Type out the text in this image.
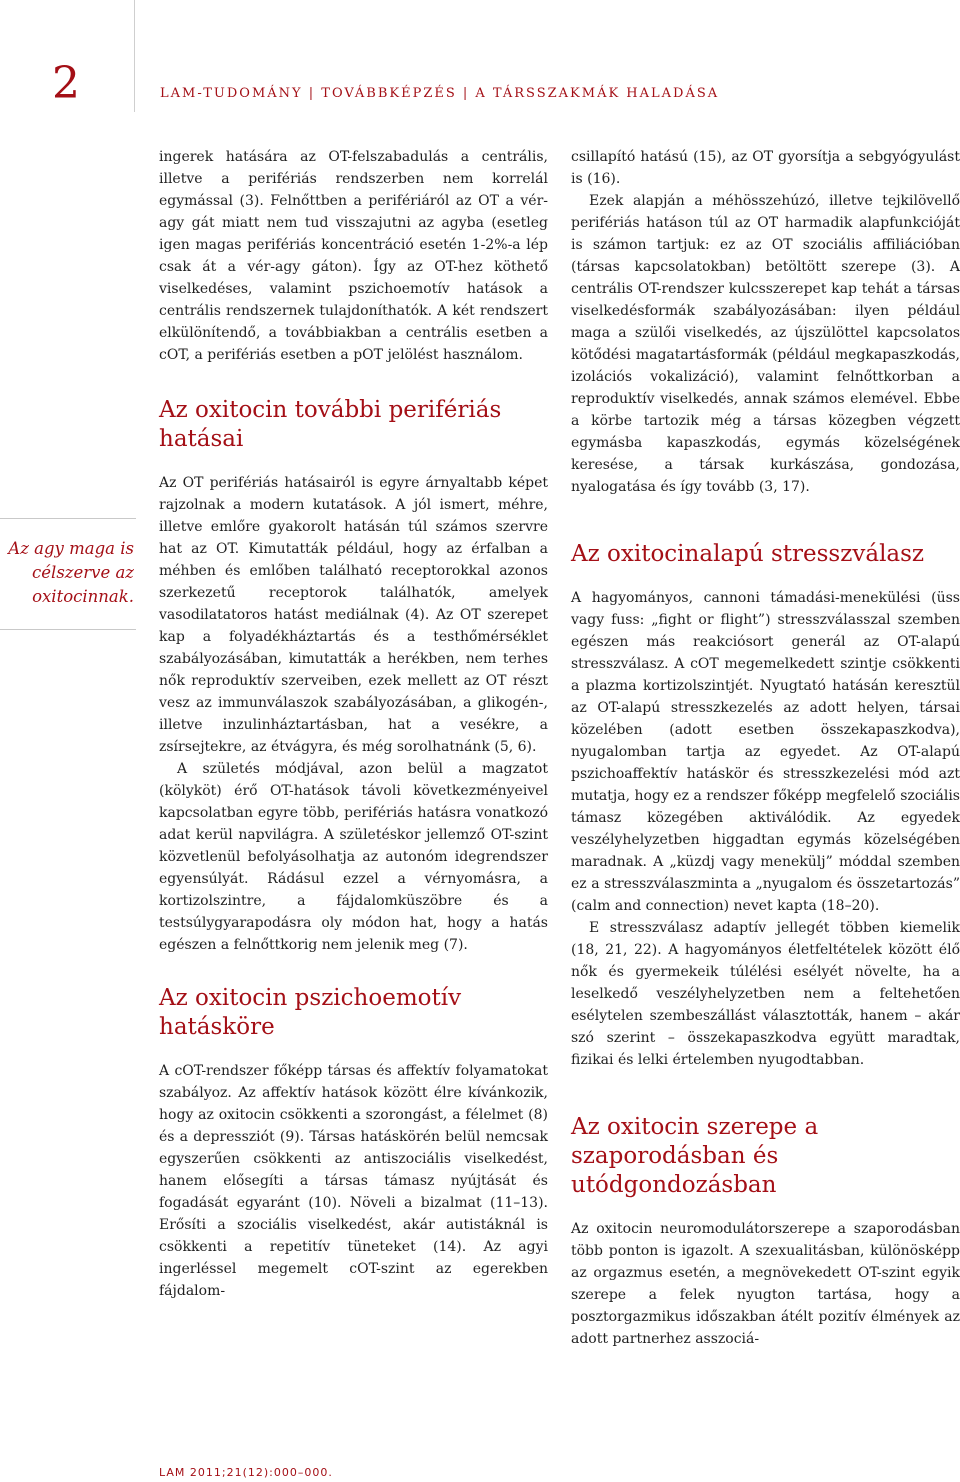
2	LAM-TUDOMÁNY | TOVÁBBKÉPZÉS | A TÁRSSZAKMÁK HALADÁSA

Az agy maga is célszerve az oxitocinnak.

ingerek hatására az OT-felszabadulás a centrális, illetve a perifériás rendszerben nem korrelál egymással (3). Felnőttben a perifériáról az OT a vér-agy gát miatt nem tud visszajutni az agyba (esetleg igen magas perifériás koncentráció esetén 1-2%-a lép csak át a vér-agy gáton). Így az OT-hez köthető viselkedéses, valamint pszichoemotív hatások a centrális rendszernek tulajdoníthatók. A két rendszert elkülönítendő, a továbbiakban a centrális esetben a cOT, a perifériás esetben a pOT jelölést használom.

Az oxitocin további perifériás hatásai

Az OT perifériás hatásairól is egyre árnyaltabb képet rajzolnak a modern kutatások. A jól ismert, méhre, illetve emlőre gyakorolt hatásán túl számos szervre hat az OT. Kimutatták például, hogy az érfalban a méhben és emlőben található receptorokkal azonos szerkezetű receptorok találhatók, amelyek vasodilatatoros hatást mediálnak (4). Az OT szerepet kap a folyadékháztartás és a testhőmérséklet szabályozásában, kimutatták a herékben, nem terhes nők reproduktív szerveiben, ezek mellett az OT részt vesz az immunválaszok szabályozásában, a glikogén-, illetve inzulinháztartásban, hat a vesékre, a zsírsejtekre, az étvágyra, és még sorolhatnánk (5, 6).

A születés módjával, azon belül a magzatot (kölyköt) érő OT-hatások távoli következményeivel kapcsolatban egyre több, perifériás hatásra vonatkozó adat kerül napvilágra. A születéskor jellemző OT-szint közvetlenül befolyásolhatja az autonóm idegrendszer egyensúlyát. Rádásul ezzel a vérnyomásra, a kortizolszintre, a fájdalomküszöbre és a testsúlygyarapodásra oly módon hat, hogy a hatás egészen a felnőttkorig nem jelenik meg (7).

Az oxitocin pszichoemotív hatásköre

A cOT-rendszer főképp társas és affektív folyamatokat szabályoz. Az affektív hatások között élre kívánkozik, hogy az oxitocin csökkenti a szorongást, a félelmet (8) és a depressziót (9). Társas hatáskörén belül nemcsak egyszerűen csökkenti az antiszociális viselkedést, hanem elősegíti a társas támasz nyújtását és fogadását egyaránt (10). Növeli a bizalmat (11–13). Erősíti a szociális viselkedést, akár autistáknál is csökkenti a repetitív tüneteket (14). Az agyi ingerléssel megemelt cOT-szint az egerekben fájdalom-

csillapító hatású (15), az OT gyorsítja a sebgyógyulást is (16).

Ezek alapján a méhösszehúzó, illetve tejkilövellő perifériás hatáson túl az OT harmadik alapfunkcióját is számon tartjuk: ez az OT szociális affiliációban (társas kapcsolatokban) betöltött szerepe (3). A centrális OT-rendszer kulcsszerepet kap tehát a társas viselkedésformák szabályozásában: ilyen például maga a szülői viselkedés, az újszülöttel kapcsolatos kötődési magatartásformák (például megkapaszkodás, izolációs vokalizáció), valamint felnőttkorban a reproduktív viselkedés, annak számos elemével. Ebbe a körbe tartozik még a társas közegben végzett egymásba kapaszkodás, egymás közelségének keresése, a társak kurkászása, gondozása, nyalogatása és így tovább (3, 17).

Az oxitocinalapú stresszválasz

A hagyományos, cannoni támadási-menekülési (üss vagy fuss: „fight or flight”) stresszválasszal szemben egészen más reakciósort generál az OT-alapú stresszválasz. A cOT megemelkedett szintje csökkenti a plazma kortizolszintjét. Nyugtató hatásán keresztül az OT-alapú stresszkezelés az adott helyen, társai közelében (adott esetben összekapaszkodva), nyugalomban tartja az egyedet. Az OT-alapú pszichoaffektív hatáskör és stresszkezelési mód azt mutatja, hogy ez a rendszer főképp megfelelő szociális támasz közegében aktiválódik. Az egyedek veszélyhelyzetben higgadtan egymás közelségében maradnak. A „küzdj vagy menekülj” móddal szemben ez a stresszválaszminta a „nyugalom és összetartozás” (calm and connection) nevet kapta (18–20).

E stresszválasz adaptív jellegét többen kiemelik (18, 21, 22). A hagyományos életfeltételek között élő nők és gyermekeik túlélési esélyét növelte, ha a leselkedő veszélyhelyzetben nem a feltehetően esélytelen szembeszállást választották, hanem – akár szó szerint – összekapaszkodva együtt maradtak, fizikai és lelki értelemben nyugodtabban.

Az oxitocin szerepe a szaporodásban és utódgondozásban

Az oxitocin neuromodulátorszerepe a szaporodásban több ponton is igazolt. A szexualitásban, különösképp az orgazmus esetén, a megnövekedett OT-szint egyik szerepe a felek nyugton tartása, hogy a posztorgazmikus időszakban átélt pozitív élmények az adott partnerhez asszociá-

LAM 2011;21(12):000–000.
